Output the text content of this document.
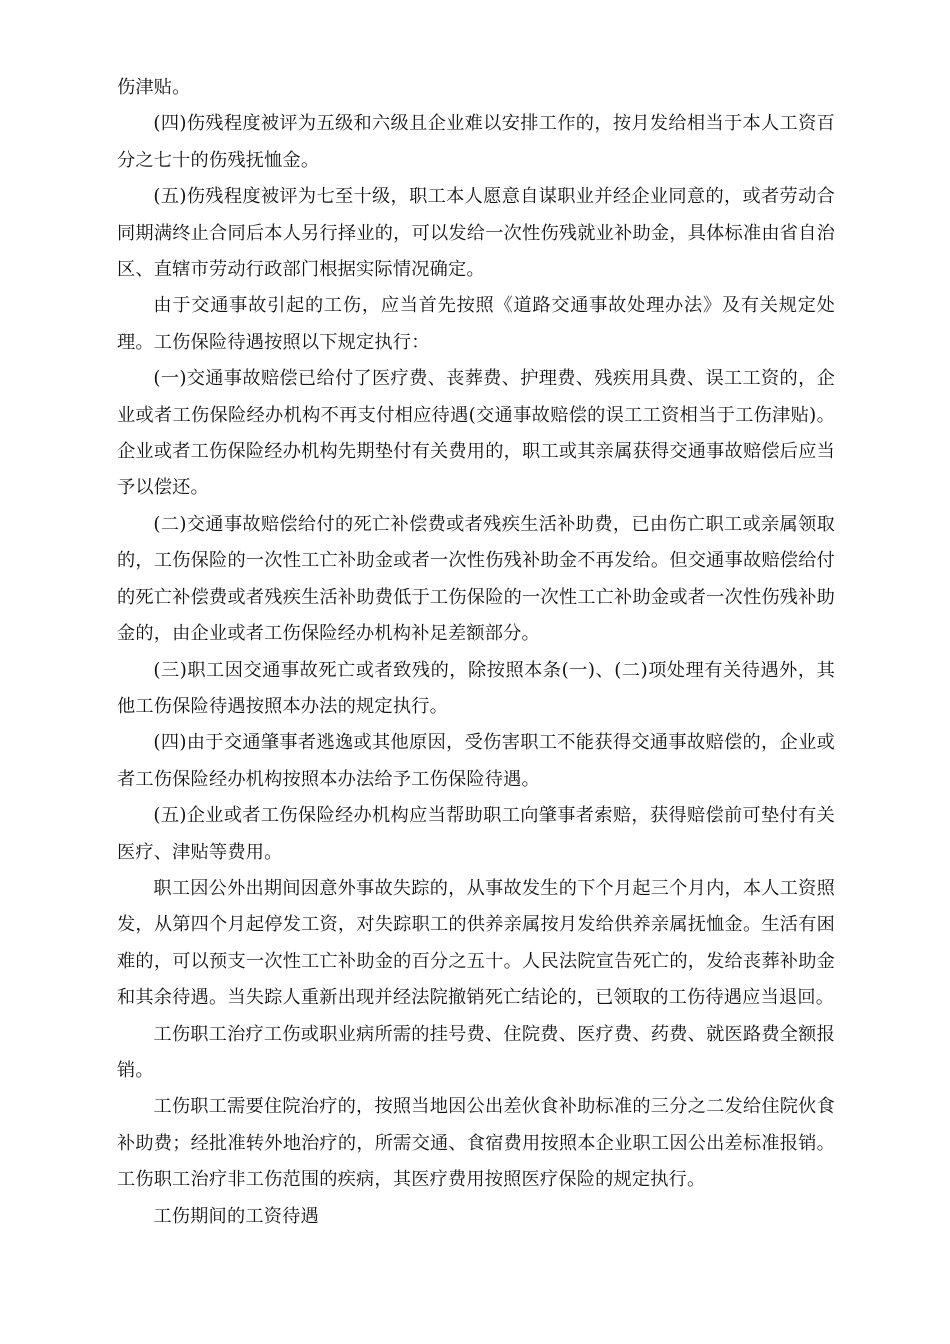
伤津贴。

(四)伤残程度被评为五级和六级且企业难以安排工作的，按月发给相当于本人工资百分之七十的伤残抚恤金。

(五)伤残程度被评为七至十级，职工本人愿意自谋职业并经企业同意的，或者劳动合同期满终止合同后本人另行择业的，可以发给一次性伤残就业补助金，具体标准由省自治区、直辖市劳动行政部门根据实际情况确定。

由于交通事故引起的工伤，应当首先按照《道路交通事故处理办法》及有关规定处理。工伤保险待遇按照以下规定执行：

(一)交通事故赔偿已给付了医疗费、丧葬费、护理费、残疾用具费、误工工资的，企业或者工伤保险经办机构不再支付相应待遇(交通事故赔偿的误工工资相当于工伤津贴)。企业或者工伤保险经办机构先期垫付有关费用的，职工或其亲属获得交通事故赔偿后应当予以偿还。

(二)交通事故赔偿给付的死亡补偿费或者残疾生活补助费，已由伤亡职工或亲属领取的，工伤保险的一次性工亡补助金或者一次性伤残补助金不再发给。但交通事故赔偿给付的死亡补偿费或者残疾生活补助费低于工伤保险的一次性工亡补助金或者一次性伤残补助金的，由企业或者工伤保险经办机构补足差额部分。

(三)职工因交通事故死亡或者致残的，除按照本条(一)、(二)项处理有关待遇外，其他工伤保险待遇按照本办法的规定执行。

(四)由于交通肇事者逃逸或其他原因，受伤害职工不能获得交通事故赔偿的，企业或者工伤保险经办机构按照本办法给予工伤保险待遇。

(五)企业或者工伤保险经办机构应当帮助职工向肇事者索赔，获得赔偿前可垫付有关医疗、津贴等费用。

职工因公外出期间因意外事故失踪的，从事故发生的下个月起三个月内，本人工资照发，从第四个月起停发工资，对失踪职工的供养亲属按月发给供养亲属抚恤金。生活有困难的，可以预支一次性工亡补助金的百分之五十。人民法院宣告死亡的，发给丧葬补助金和其余待遇。当失踪人重新出现并经法院撤销死亡结论的，已领取的工伤待遇应当退回。

工伤职工治疗工伤或职业病所需的挂号费、住院费、医疗费、药费、就医路费全额报销。

工伤职工需要住院治疗的，按照当地因公出差伙食补助标准的三分之二发给住院伙食补助费；经批准转外地治疗的，所需交通、食宿费用按照本企业职工因公出差标准报销。工伤职工治疗非工伤范围的疾病，其医疗费用按照医疗保险的规定执行。

工伤期间的工资待遇
